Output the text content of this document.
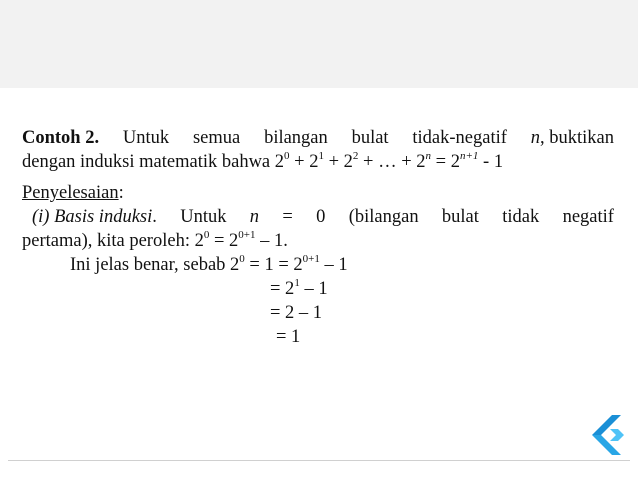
Contoh 2. Untuk semua bilangan bulat tidak-negatif n, buktikan
dengan induksi matematik bahwa $2^0 + 2^1 + 2^2$ + … + $2^n = 2^{n+1} - 1$
Penyelesaian:
(i) Basis induksi. Untuk n = 0 (bilangan bulat tidak negatif
pertama), kita peroleh: $2^0 = 2^{0+1} - 1$.
Ini jelas benar, sebab $2^0 = 1 = 2^{0+1} - 1$
= $2^1 - 1$
= 2 – 1
= 1
